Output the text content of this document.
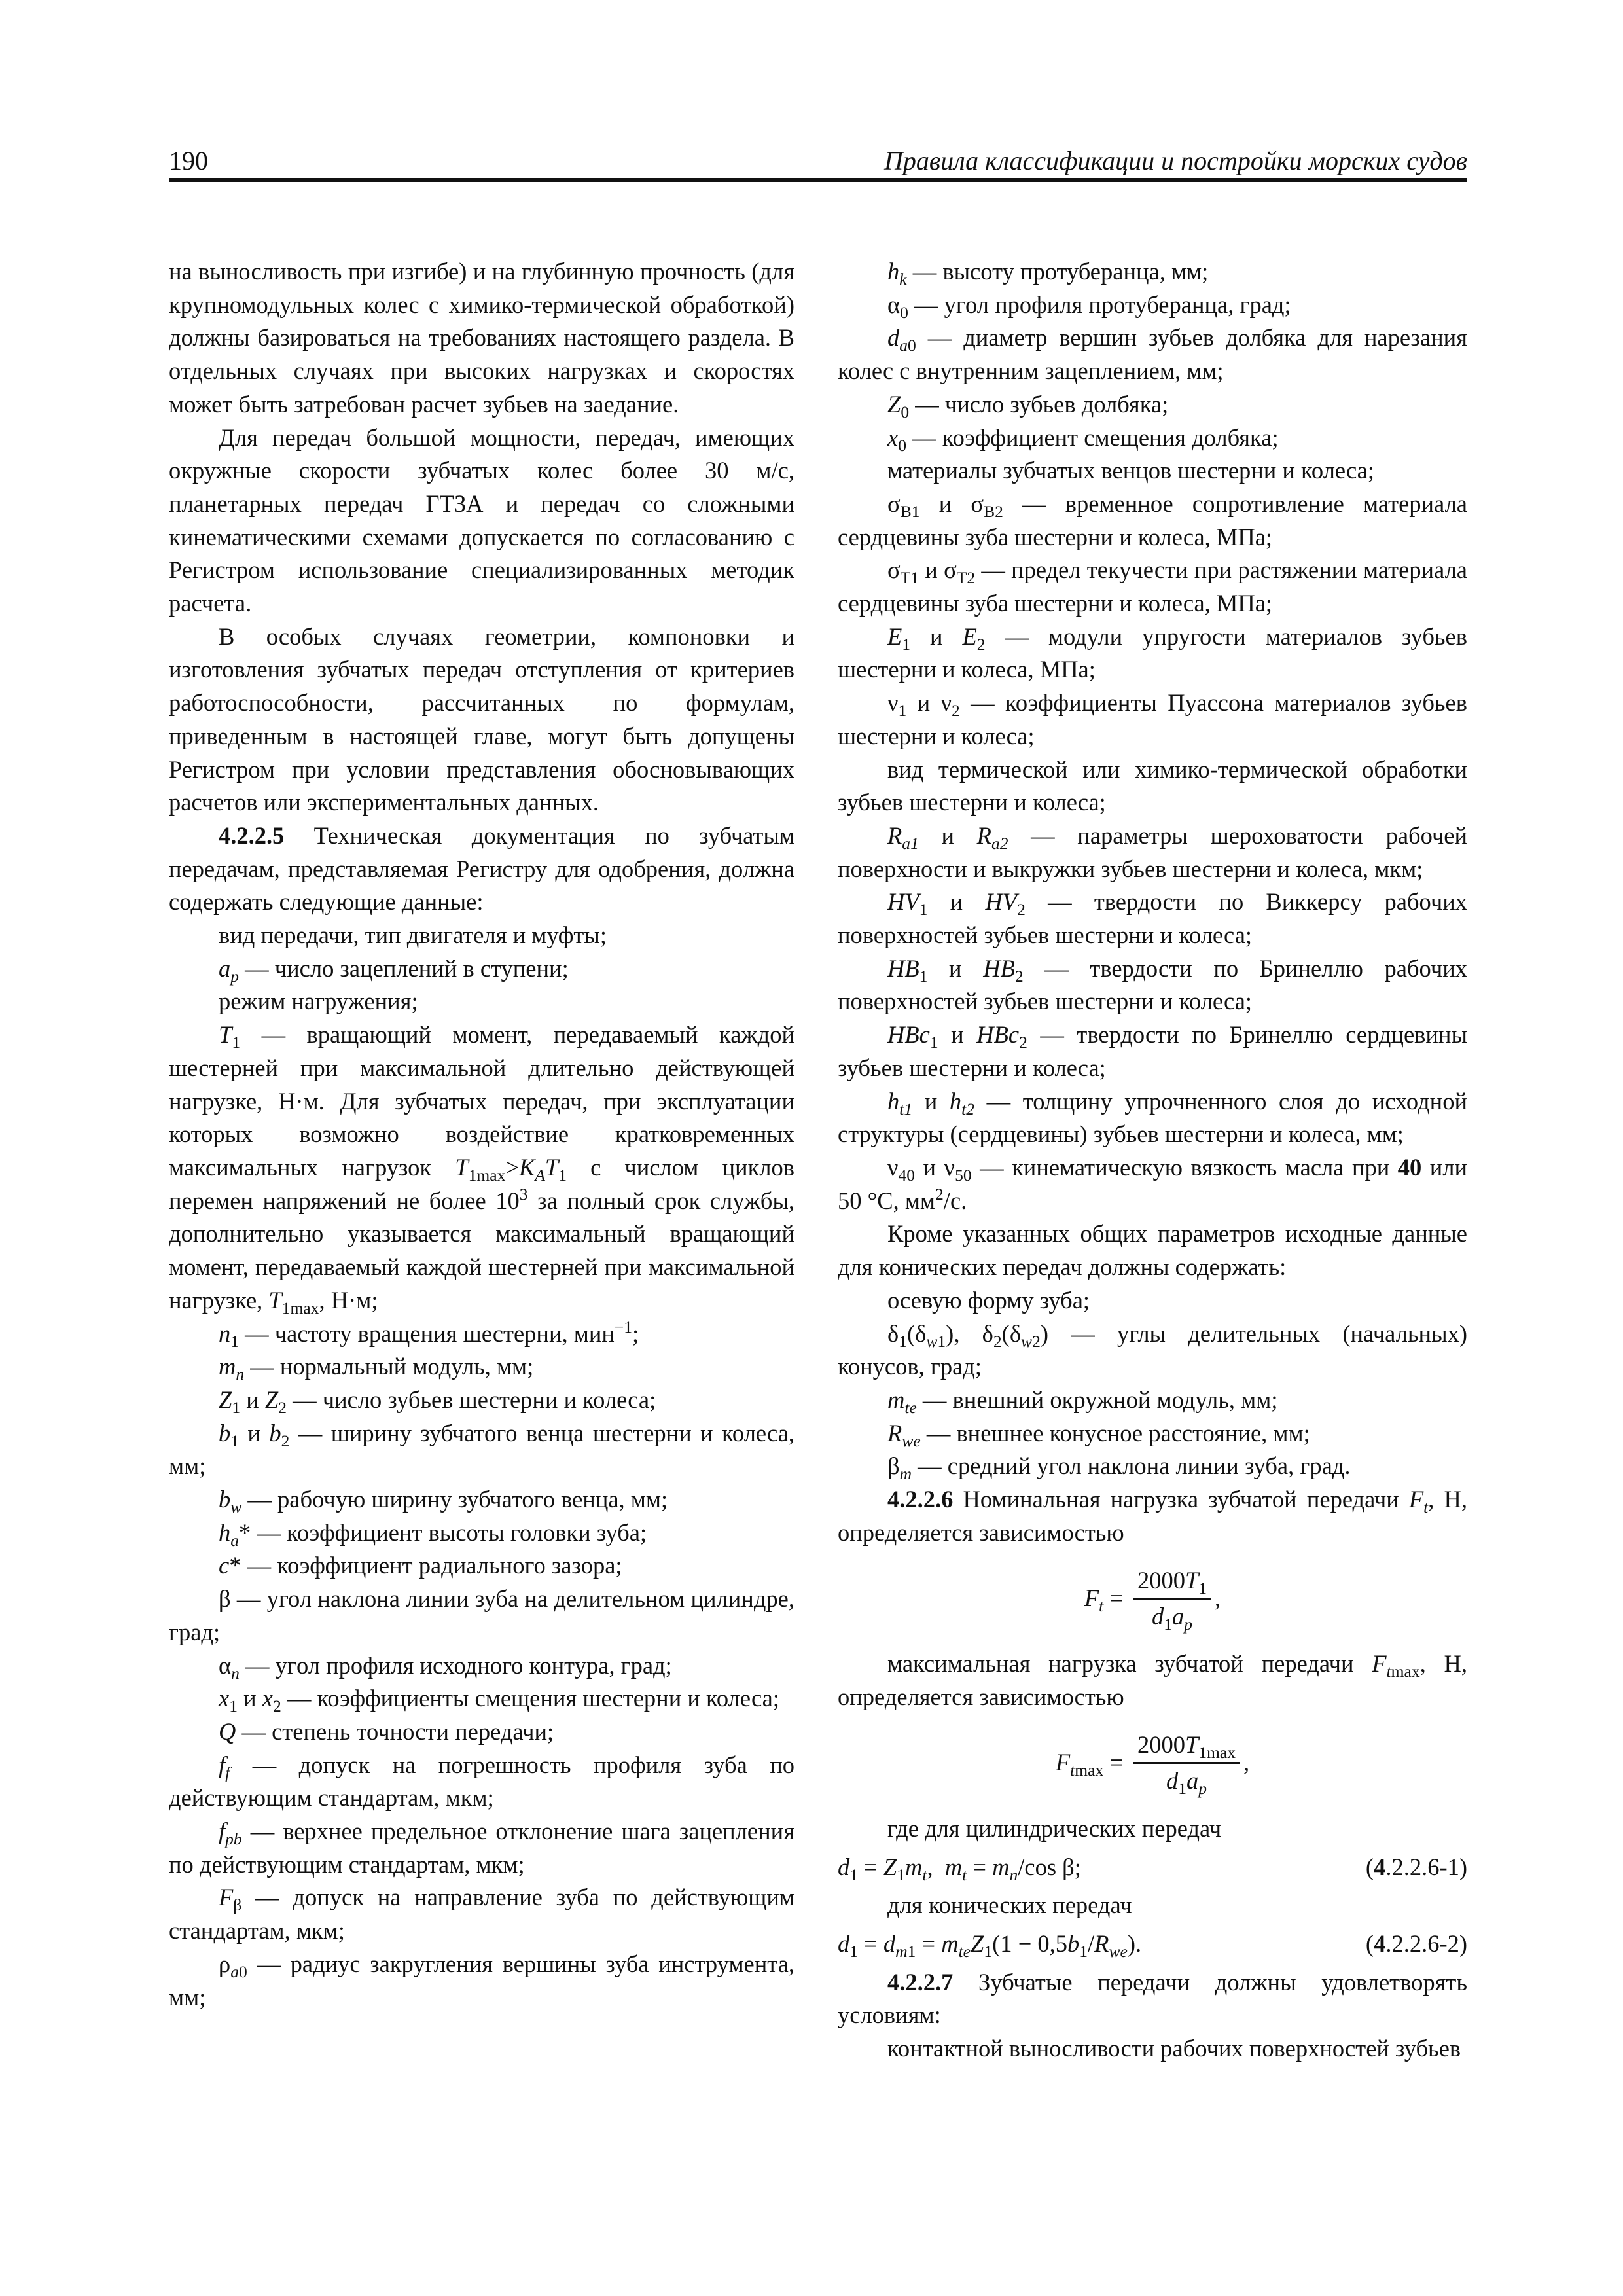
190	Правила классификации и постройки морских судов

на выносливость при изгибе) и на глубинную прочность (для крупномодульных колес с химико-термической обработкой) должны базироваться на требованиях настоящего раздела. В отдельных случаях при высоких нагрузках и скоростях может быть затребован расчет зубьев на заедание.

Для передач большой мощности, передач, имеющих окружные скорости зубчатых колес более 30 м/с, планетарных передач ГТЗА и передач со сложными кинематическими схемами допускается по согласованию с Регистром использование специализированных методик расчета.

В особых случаях геометрии, компоновки и изготовления зубчатых передач отступления от критериев работоспособности, рассчитанных по формулам, приведенным в настоящей главе, могут быть допущены Регистром при условии представления обосновывающих расчетов или экспериментальных данных.

4.2.2.5 Техническая документация по зубчатым передачам, представляемая Регистру для одобрения, должна содержать следующие данные:

вид передачи, тип двигателя и муфты;

$a_p$ — число зацеплений в ступени;

режим нагружения;

$T_1$ — вращающий момент, передаваемый каждой шестерней при максимальной длительно действующей нагрузке, Н·м. Для зубчатых передач, при эксплуатации которых возможно воздействие кратковременных максимальных нагрузок $T_{1max}>K_AT_1$ с числом циклов перемен напряжений не более $10^3$ за полный срок службы, дополнительно указывается максимальный вращающий момент, передаваемый каждой шестерней при максимальной нагрузке, $T_{1max}$, Н·м;

$n_1$ — частоту вращения шестерни, мин$^{-1}$;

$m_n$ — нормальный модуль, мм;

$Z_1$ и $Z_2$ — число зубьев шестерни и колеса;

$b_1$ и $b_2$ — ширину зубчатого венца шестерни и колеса, мм;

$b_w$ — рабочую ширину зубчатого венца, мм;

$h_a*$ — коэффициент высоты головки зуба;

c* — коэффициент радиального зазора;

β — угол наклона линии зуба на делительном цилиндре, град;

$\alpha_n$ — угол профиля исходного контура, град;

$x_1$ и $x_2$ — коэффициенты смещения шестерни и колеса;

Q — степень точности передачи;

$f_f$ — допуск на погрешность профиля зуба по действующим стандартам, мкм;

$f_{pb}$ — верхнее предельное отклонение шага зацепления по действующим стандартам, мкм;

$F_\beta$ — допуск на направление зуба по действующим стандартам, мкм;

$\rho_{a0}$ — радиус закругления вершины зуба инструмента, мм;

$h_k$ — высоту протуберанца, мм;

$\alpha_0$ — угол профиля протуберанца, град;

$d_{a0}$ — диаметр вершин зубьев долбяка для нарезания колес с внутренним зацеплением, мм;

$Z_0$ — число зубьев долбяка;

$x_0$ — коэффициент смещения долбяка;

материалы зубчатых венцов шестерни и колеса;

$\sigma_{В1}$ и $\sigma_{В2}$ — временное сопротивление материала сердцевины зуба шестерни и колеса, МПа;

$\sigma_{Т1}$ и $\sigma_{Т2}$ — предел текучести при растяжении материала сердцевины зуба шестерни и колеса, МПа;

$E_1$ и $E_2$ — модули упругости материалов зубьев шестерни и колеса, МПа;

$\nu_1$ и $\nu_2$ — коэффициенты Пуассона материалов зубьев шестерни и колеса;

вид термической или химико-термической обработки зубьев шестерни и колеса;

$R_{a1}$ и $R_{a2}$ — параметры шероховатости рабочей поверхности и выкружки зубьев шестерни и колеса, мкм;

$HV_1$ и $HV_2$ — твердости по Виккерсу рабочих поверхностей зубьев шестерни и колеса;

$HB_1$ и $HB_2$ — твердости по Бринеллю рабочих поверхностей зубьев шестерни и колеса;

HBc$_1$ и HBc$_2$ — твердости по Бринеллю сердцевины зубьев шестерни и колеса;

$h_{t1}$ и $h_{t2}$ — толщину упрочненного слоя до исходной структуры (сердцевины) зубьев шестерни и колеса, мм;

$\nu_{40}$ и $\nu_{50}$ — кинематическую вязкость масла при 40 или 50 °С, $мм^2/с$.

Кроме указанных общих параметров исходные данные для конических передач должны содержать:

осевую форму зуба;

$\delta_1(\delta_{w1})$, $\delta_2(\delta_{w2})$ — углы делительных (начальных) конусов, град;

$m_{te}$ — внешний окружной модуль, мм;

$R_{we}$ — внешнее конусное расстояние, мм;

$\beta_m$ — средний угол наклона линии зуба, град.

4.2.2.6 Номинальная нагрузка зубчатой передачи $F_t$, Н, определяется зависимостью

$F_t = \frac{2000T_1}{d_1a_p}$ ,

максимальная нагрузка зубчатой передачи $F_{tmax}$, Н, определяется зависимостью

$F_{tmax} = \frac{2000T_{1max}}{d_1a_p}$ ,

где для цилиндрических передач

$d_1 = Z_1m_t$,  $m_t = m_n/\cos$ β;	(4.2.2.6-1)

для конических передач

$d_1 = d_{m1} = m_{te}Z_1(1 - 0,5b_1/R_{we})$.	(4.2.2.6-2)

4.2.2.7 Зубчатые передачи должны удовлетворять условиям:

контактной выносливости рабочих поверхностей зубьев
